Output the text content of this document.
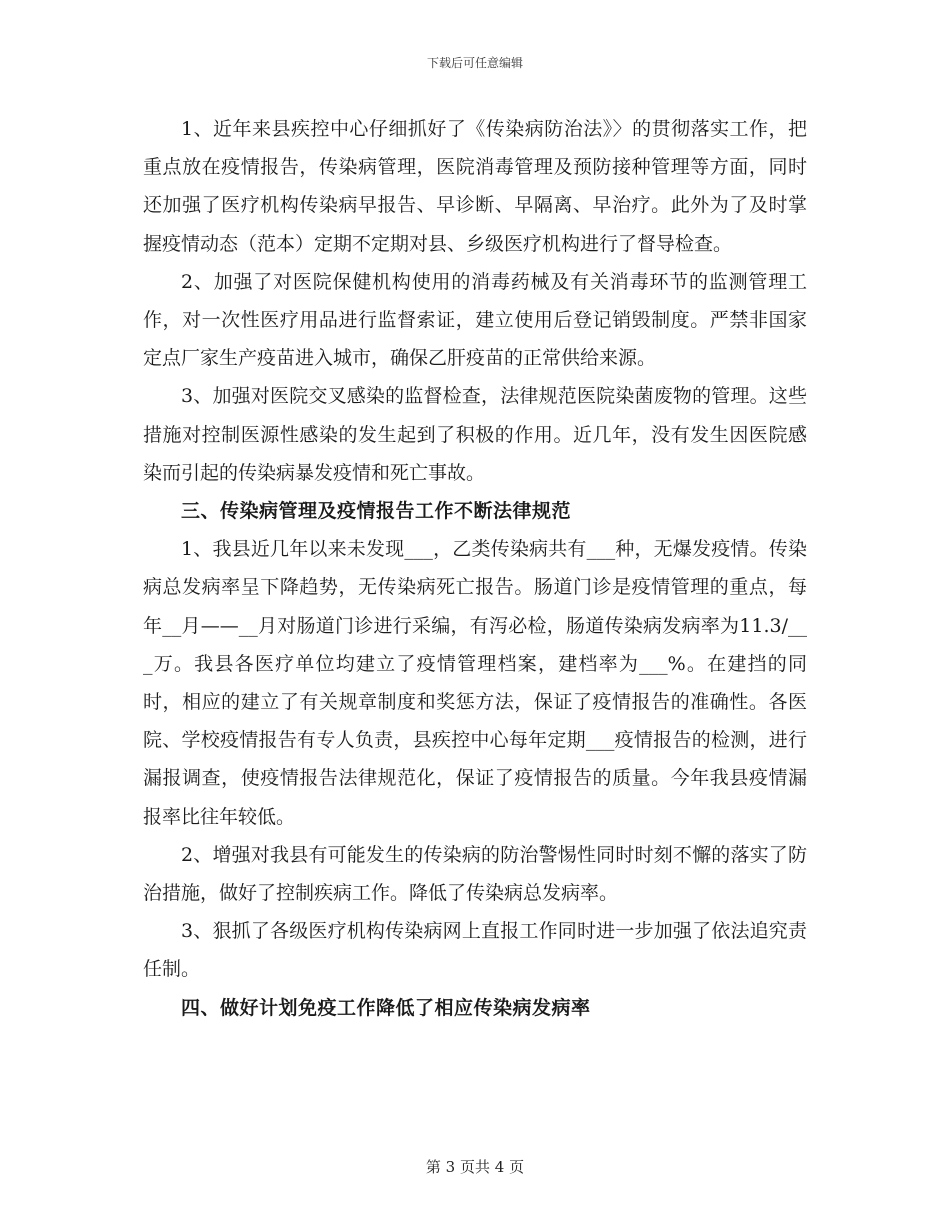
下载后可任意编辑

1、近年来县疾控中心仔细抓好了《传染病防治法》〉的贯彻落实工作，把重点放在疫情报告，传染病管理，医院消毒管理及预防接种管理等方面，同时还加强了医疗机构传染病早报告、早诊断、早隔离、早治疗。此外为了及时掌握疫情动态（范本）定期不定期对县、乡级医疗机构进行了督导检查。

2、加强了对医院保健机构使用的消毒药械及有关消毒环节的监测管理工作，对一次性医疗用品进行监督索证，建立使用后登记销毁制度。严禁非国家定点厂家生产疫苗进入城市，确保乙肝疫苗的正常供给来源。

3、加强对医院交叉感染的监督检查，法律规范医院染菌废物的管理。这些措施对控制医源性感染的发生起到了积极的作用。近几年，没有发生因医院感染而引起的传染病暴发疫情和死亡事故。

三、传染病管理及疫情报告工作不断法律规范

1、我县近几年以来未发现___，乙类传染病共有___种，无爆发疫情。传染病总发病率呈下降趋势，无传染病死亡报告。肠道门诊是疫情管理的重点，每年__月——__月对肠道门诊进行采编，有泻必检，肠道传染病发病率为11.3/___万。我县各医疗单位均建立了疫情管理档案，建档率为___%。在建挡的同时，相应的建立了有关规章制度和奖惩方法，保证了疫情报告的准确性。各医院、学校疫情报告有专人负责，县疾控中心每年定期___疫情报告的检测，进行漏报调查，使疫情报告法律规范化，保证了疫情报告的质量。今年我县疫情漏报率比往年较低。

2、增强对我县有可能发生的传染病的防治警惕性同时时刻不懈的落实了防治措施，做好了控制疾病工作。降低了传染病总发病率。

3、狠抓了各级医疗机构传染病网上直报工作同时进一步加强了依法追究责任制。

四、做好计划免疫工作降低了相应传染病发病率

第 3 页共 4 页
